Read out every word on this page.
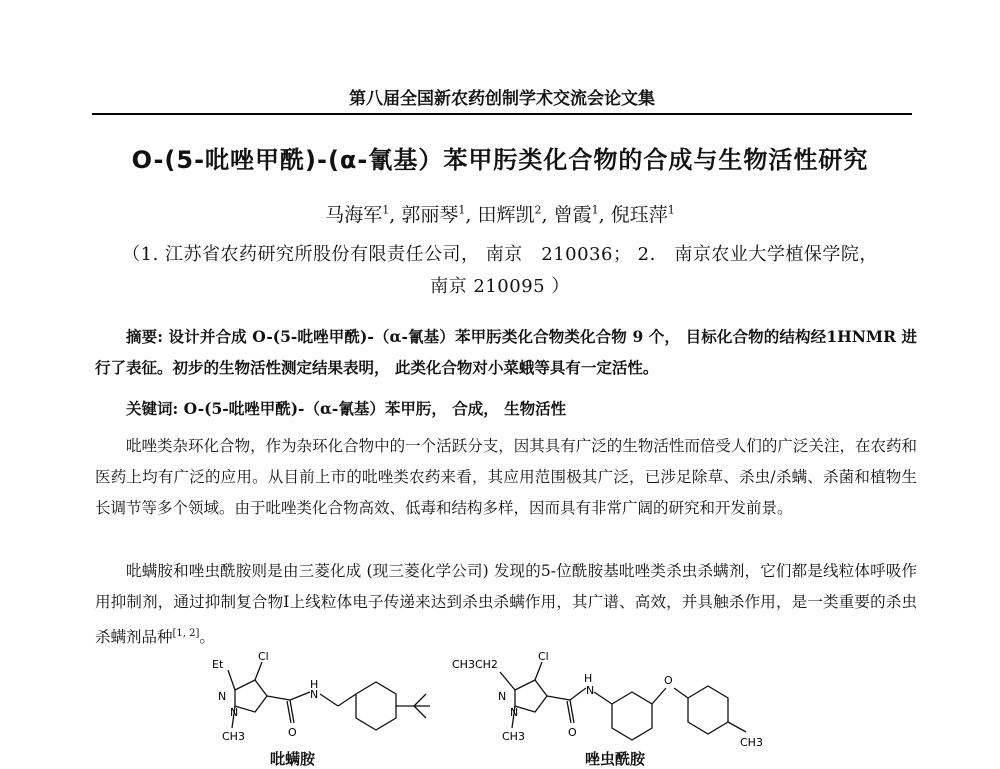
第八届全国新农药创制学术交流会论文集
O-(5-吡唑甲酰)-(α-氰基）苯甲肟类化合物的合成与生物活性研究
马海军$^1$, 郭丽琴$^1$, 田辉凯$^2$, 曾霞$^1$, 倪珏萍$^1$
（1. 江苏省农药研究所股份有限责任公司， 南京　210036； 2.　南京农业大学植保学院，
南京 210095 ）
摘要: 设计并合成 O-(5-吡唑甲酰)-（α-氰基）苯甲肟类化合物类化合物 9 个， 目标化合物的结构经1HNMR 进行了表征。初步的生物活性测定结果表明， 此类化合物对小菜蛾等具有一定活性。
关键词: O-(5-吡唑甲酰)-（α-氰基）苯甲肟， 合成， 生物活性
吡唑类杂环化合物，作为杂环化合物中的一个活跃分支，因其具有广泛的生物活性而倍受人们的广泛关注，在农药和医药上均有广泛的应用。从目前上市的吡唑类农药来看，其应用范围极其广泛，已涉足除草、杀虫/杀螨、杀菌和植物生长调节等多个领域。由于吡唑类化合物高效、低毒和结构多样，因而具有非常广阔的研究和开发前景。
吡螨胺和唑虫酰胺则是由三菱化成 (现三菱化学公司) 发现的5-位酰胺基吡唑类杀虫杀螨剂，它们都是线粒体呼吸作用抑制剂，通过抑制复合物I上线粒体电子传递来达到杀虫杀螨作用，其广谱、高效，并具触杀作用，是一类重要的杀虫杀螨剂品种[1, 2]。
Et
Cl
N
N
N
H
O
CH3
CH3CH2
Cl
N
N
N
H
O
CH3
O
CH3
吡螨胺	唑虫酰胺
